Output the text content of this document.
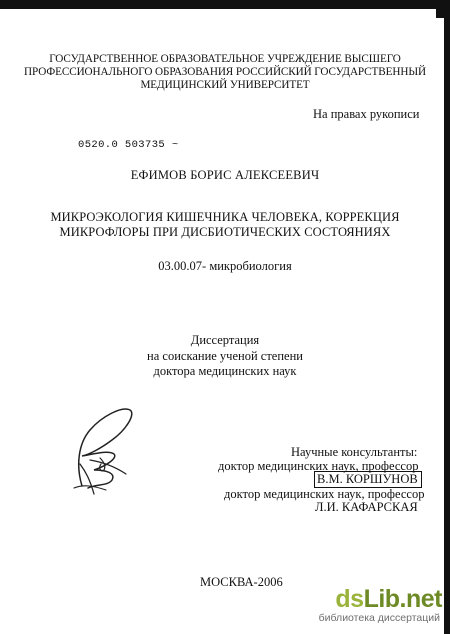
ГОСУДАРСТВЕННОЕ ОБРАЗОВАТЕЛЬНОЕ УЧРЕЖДЕНИЕ ВЫСШЕГО
ПРОФЕССИОНАЛЬНОГО ОБРАЗОВАНИЯ РОССИЙСКИЙ ГОСУДАРСТВЕННЫЙ
МЕДИЦИНСКИЙ УНИВЕРСИТЕТ
На правах рукописи
0520.0 503735 ~
ЕФИМОВ БОРИС АЛЕКСЕЕВИЧ
МИКРОЭКОЛОГИЯ КИШЕЧНИКА ЧЕЛОВЕКА, КОРРЕКЦИЯ
МИКРОФЛОРЫ ПРИ ДИСБИОТИЧЕСКИХ СОСТОЯНИЯХ
03.00.07- микробиология
Диссертация
на соискание ученой степени
доктора медицинских наук
Научные консультанты:
доктор медицинских наук, профессор
В.М. КОРШУНОВ
доктор медицинских наук, профессор
Л.И. КАФАРСКАЯ
МОСКВА-2006
dsLib.net
библиотека диссертаций
